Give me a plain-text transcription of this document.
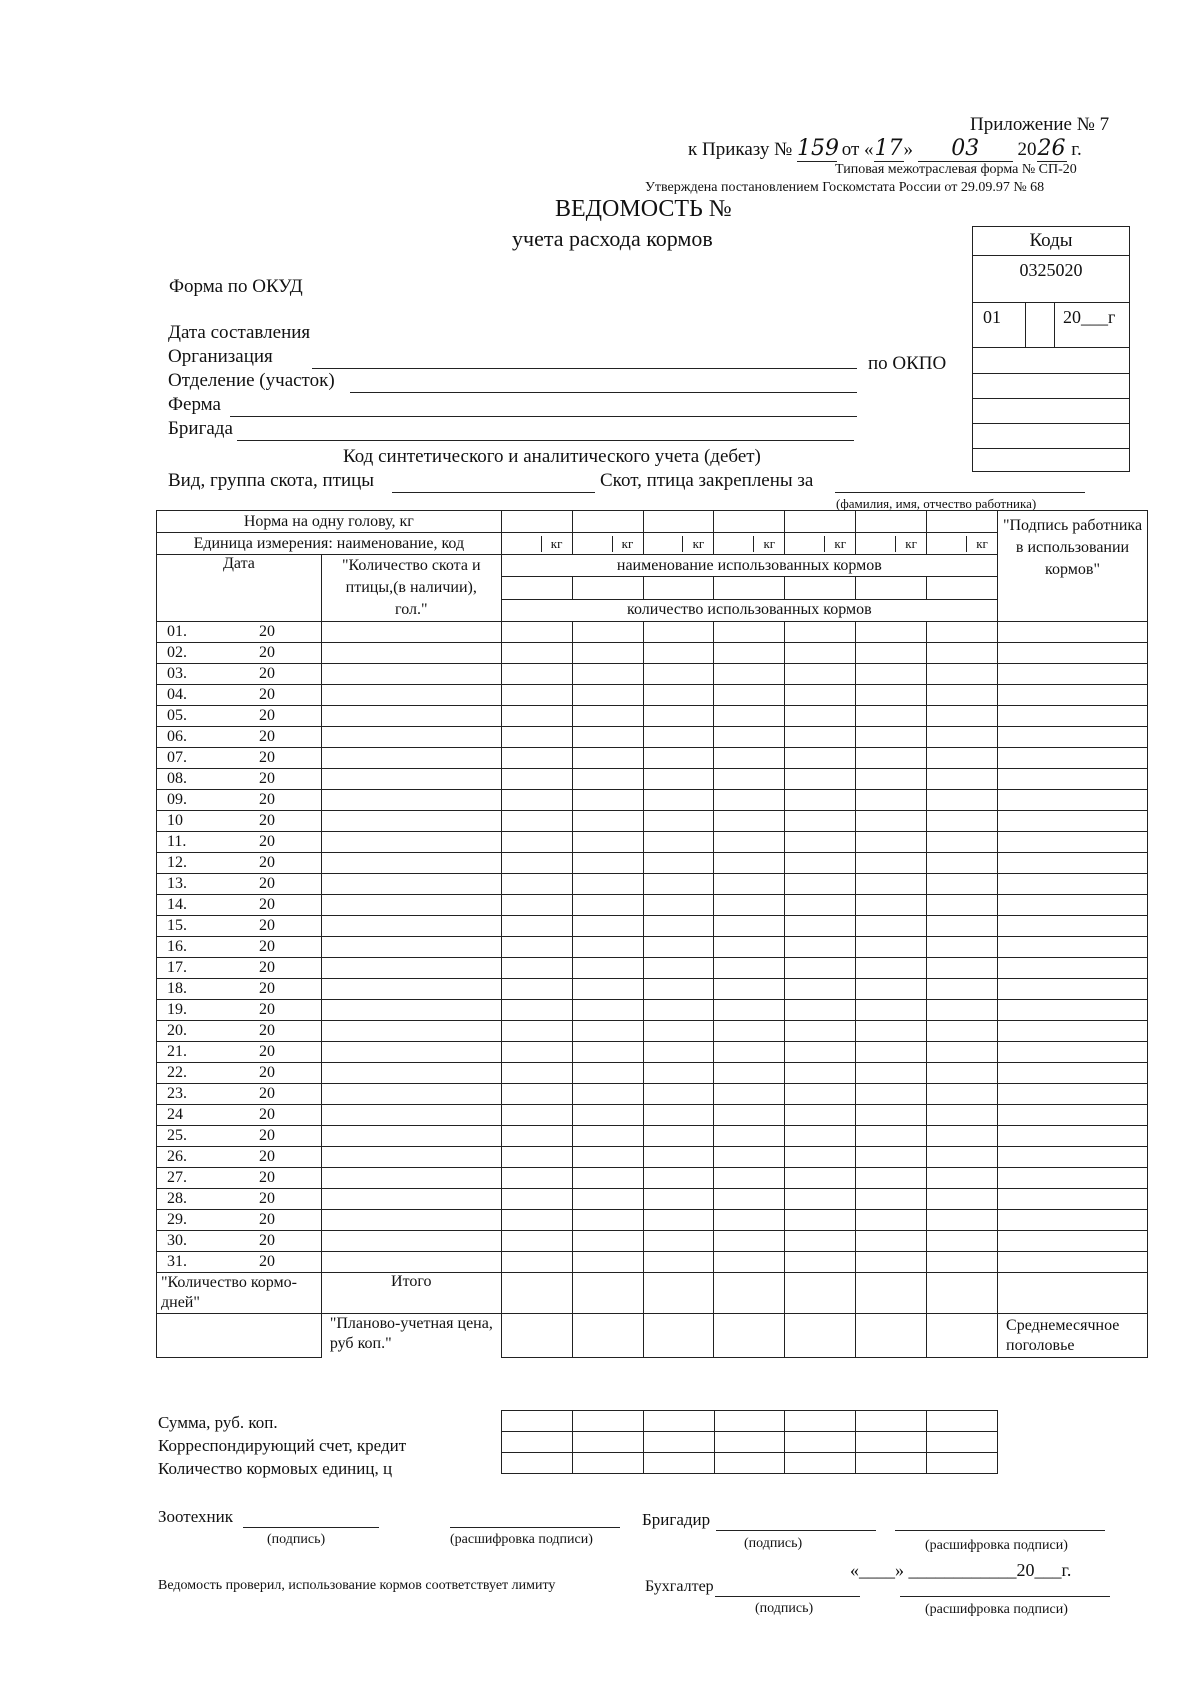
Приложение № 7
к Приказу № 159 от «17» 03 2026 г.
Типовая межотраслевая форма № СП-20
Утверждена постановлением Госкомстата России от 29.09.97 № 68
ВЕДОМОСТЬ №
учета расхода кормов	Коды
0325020
01	20___г
Форма по ОКУД
Дата составления
Организация	по ОКПО
Отделение (участок)
Ферма
Бригада
Код синтетического и аналитического учета (дебет)
Вид, группа скота, птицы	Скот, птица закреплены за
(фамилия, имя, отчество работника)
Норма на одну голову, кг									"Подпись работника в использовании кормов"
Единица измерения: наименование, код		кг	кг	кг	кг	кг	кг	кг	

Дата	"Количество скота и птицы,(в наличии), гол."	наименование использованных кормов							

		количество использованных кормов							
01. 20									
02. 20									
03. 20									
04. 20									
05. 20									
06. 20									
07. 20									
08. 20									
09. 20									
10 20									
11. 20									
12. 20									
13. 20									
14. 20									
15. 20									
16. 20									
17. 20									
18. 20									
19. 20									
20. 20									
21. 20									
22. 20									
23. 20									
24 20									
25. 20									
26. 20									
27. 20									
28. 20									
29. 20									
30. 20									
31. 20									
"Количество кормо-дней"	Итого								
	"Планово-учетная цена, руб коп."								Среднемесячное поголовье
Сумма, руб. коп.
Корреспондирующий счет, кредит
Количество кормовых единиц, ц

Зоотехник
(подпись)	(расшифровка подписи)
Бригадир
(подпись)	(расшифровка подписи)
«____» ____________20___г.
Ведомость проверил, использование кормов соответствует лимиту	Бухгалтер
(подпись)	(расшифровка подписи)
